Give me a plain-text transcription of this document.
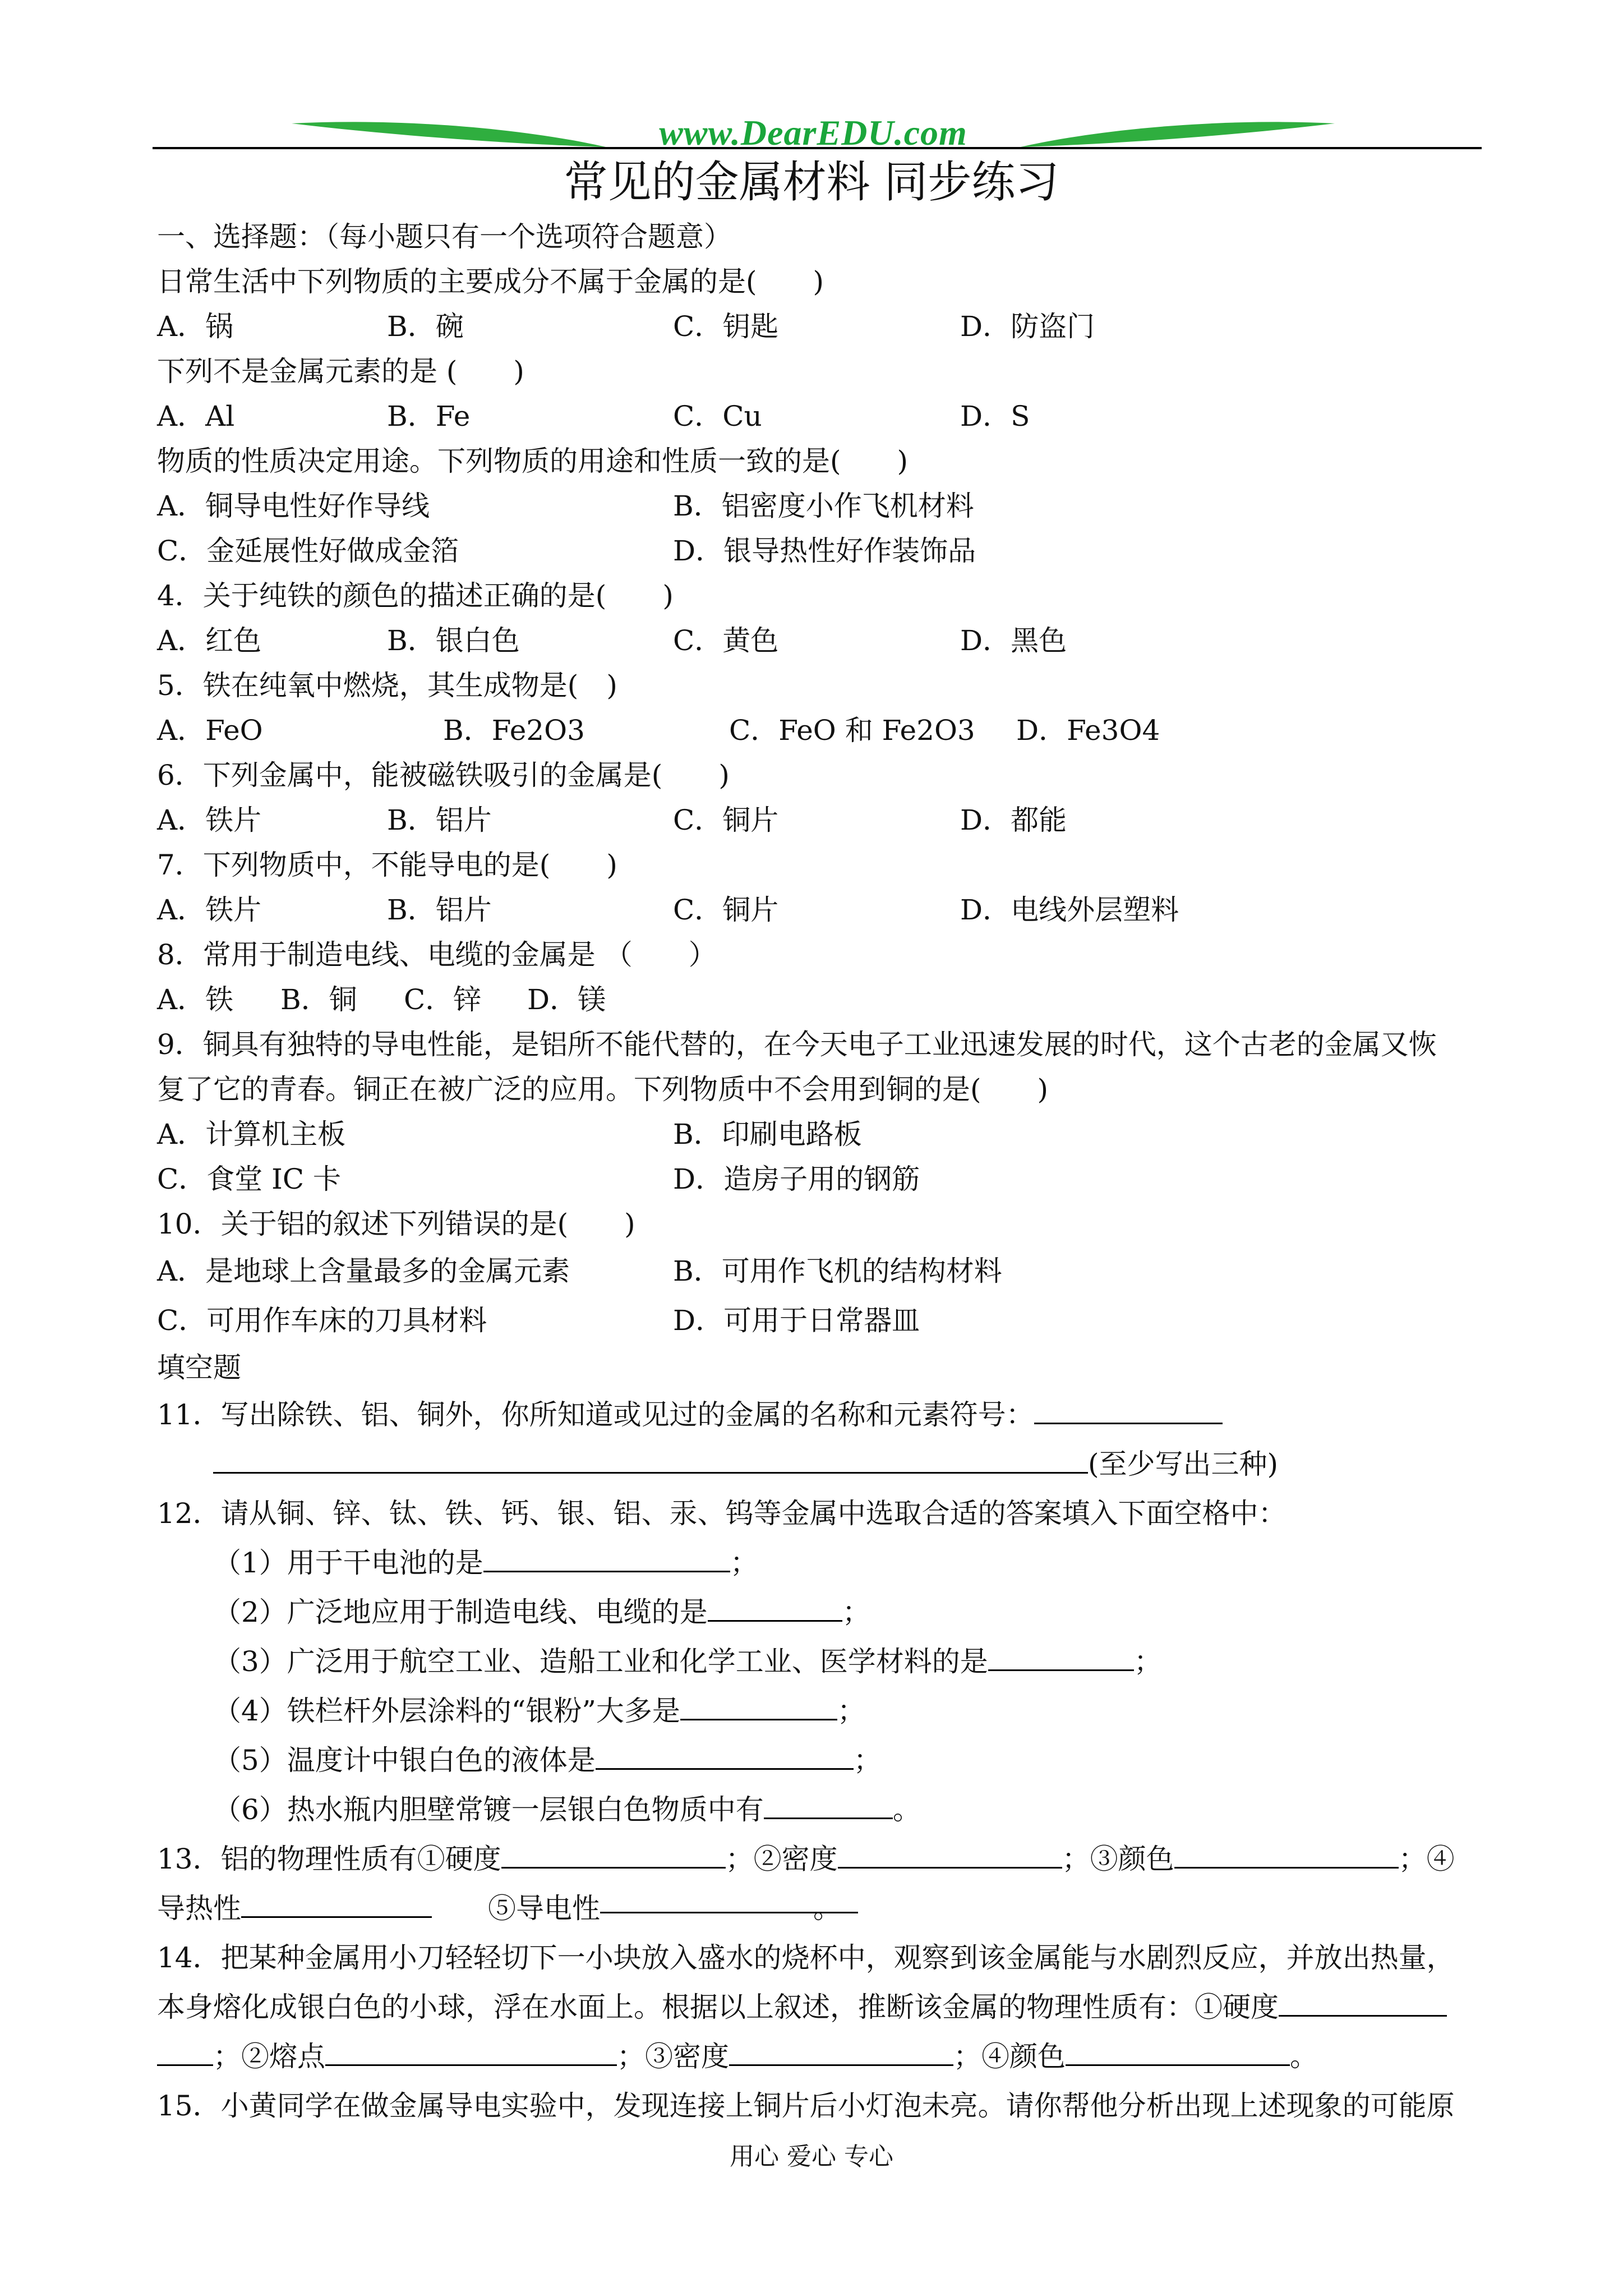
www.DearEDU.com
常见的金属材料 同步练习
一、选择题：（每小题只有一个选项符合题意）
日常生活中下列物质的主要成分不属于金属的是(　　)
A．锅	B．碗	C．钥匙	D．防盗门
下列不是金属元素的是 (　　)
A．Al	B．Fe	C．Cu	D．S
物质的性质决定用途。下列物质的用途和性质一致的是(　　)
A．铜导电性好作导线	B．铝密度小作飞机材料
C．金延展性好做成金箔	D．银导热性好作装饰品
4．关于纯铁的颜色的描述正确的是(　　)
A．红色	B．银白色	C．黄色	D．黑色
5．铁在纯氧中燃烧，其生成物是(　)
A．FeO	B．Fe2O3	C．FeO 和 Fe2O3 D．Fe3O4
6．下列金属中，能被磁铁吸引的金属是(　　)
A．铁片	B．铝片	C．铜片	D．都能
7．下列物质中，不能导电的是(　　)
A．铁片	B．铝片	C．铜片	D．电线外层塑料
8．常用于制造电线、电缆的金属是 （　　）
A．铁 B．铜 C．锌 D．镁
9．铜具有独特的导电性能，是铝所不能代替的，在今天电子工业迅速发展的时代，这个古老的金属又恢
复了它的青春。铜正在被广泛的应用。下列物质中不会用到铜的是(　　)
A．计算机主板	B．印刷电路板
C．食堂 IC 卡	D．造房子用的钢筋
10．关于铝的叙述下列错误的是(　　)
A．是地球上含量最多的金属元素	B．可用作飞机的结构材料
C．可用作车床的刀具材料	D．可用于日常器皿
填空题
11．写出除铁、铝、铜外，你所知道或见过的金属的名称和元素符号：
(至少写出三种)
12．请从铜、锌、钛、铁、钙、银、铝、汞、钨等金属中选取合适的答案填入下面空格中：
（1）用于干电池的是	；
（2）广泛地应用于制造电线、电缆的是	；
（3）广泛用于航空工业、造船工业和化学工业、医学材料的是	；
（4）铁栏杆外层涂料的“银粉”大多是	；
（5）温度计中银白色的液体是	；
（6）热水瓶内胆壁常镀一层银白色物质中有	。
13．铝的物理性质有①硬度	；②密度	；③颜色	；④
导热性	⑤导电性	。
14．把某种金属用小刀轻轻切下一小块放入盛水的烧杯中，观察到该金属能与水剧烈反应，并放出热量，
本身熔化成银白色的小球，浮在水面上。根据以上叙述，推断该金属的物理性质有：①硬度
；②熔点	；③密度	；④颜色	。
15．小黄同学在做金属导电实验中，发现连接上铜片后小灯泡未亮。请你帮他分析出现上述现象的可能原
用心 爱心 专心
